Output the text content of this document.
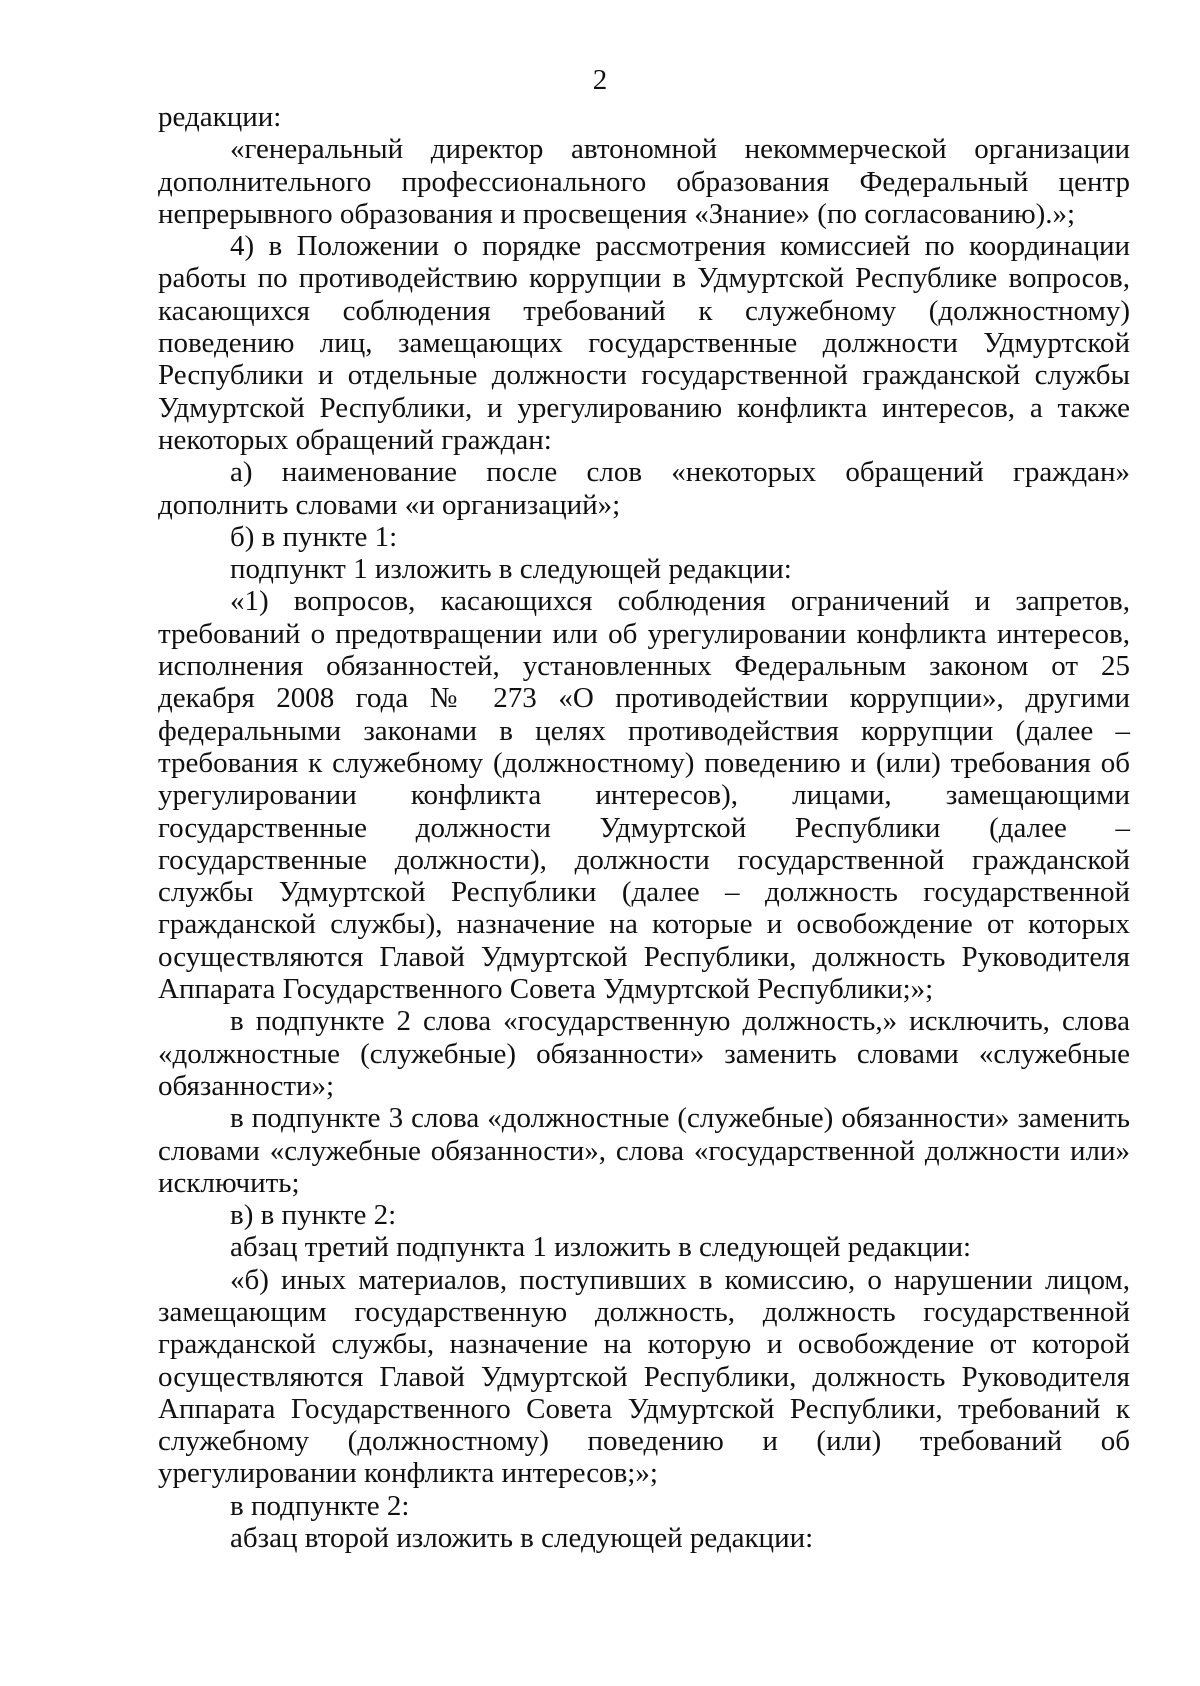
2

редакции:

«генеральный директор автономной некоммерческой организации дополнительного профессионального образования Федеральный центр непрерывного образования и просвещения «Знание» (по согласованию).»;

4) в Положении о порядке рассмотрения комиссией по координации работы по противодействию коррупции в Удмуртской Республике вопросов, касающихся соблюдения требований к служебному (должностному) поведению лиц, замещающих государственные должности Удмуртской Республики и отдельные должности государственной гражданской службы Удмуртской Республики, и урегулированию конфликта интересов, а также некоторых обращений граждан:

а) наименование после слов «некоторых обращений граждан» дополнить словами «и организаций»;

б) в пункте 1:

подпункт 1 изложить в следующей редакции:

«1) вопросов, касающихся соблюдения ограничений и запретов, требований о предотвращении или об урегулировании конфликта интересов, исполнения обязанностей, установленных Федеральным законом от 25 декабря 2008 года № 273 «О противодействии коррупции», другими федеральными законами в целях противодействия коррупции (далее – требования к служебному (должностному) поведению и (или) требования об урегулировании конфликта интересов), лицами, замещающими государственные должности Удмуртской Республики (далее – государственные должности), должности государственной гражданской службы Удмуртской Республики (далее – должность государственной гражданской службы), назначение на которые и освобождение от которых осуществляются Главой Удмуртской Республики, должность Руководителя Аппарата Государственного Совета Удмуртской Республики;»;

в подпункте 2 слова «государственную должность,» исключить, слова «должностные (служебные) обязанности» заменить словами «служебные обязанности»;

в подпункте 3 слова «должностные (служебные) обязанности» заменить словами «служебные обязанности», слова «государственной должности или» исключить;

в) в пункте 2:

абзац третий подпункта 1 изложить в следующей редакции:

«б) иных материалов, поступивших в комиссию, о нарушении лицом, замещающим государственную должность, должность государственной гражданской службы, назначение на которую и освобождение от которой осуществляются Главой Удмуртской Республики, должность Руководителя Аппарата Государственного Совета Удмуртской Республики, требований к служебному (должностному) поведению и (или) требований об урегулировании конфликта интересов;»;

в подпункте 2:

абзац второй изложить в следующей редакции:
